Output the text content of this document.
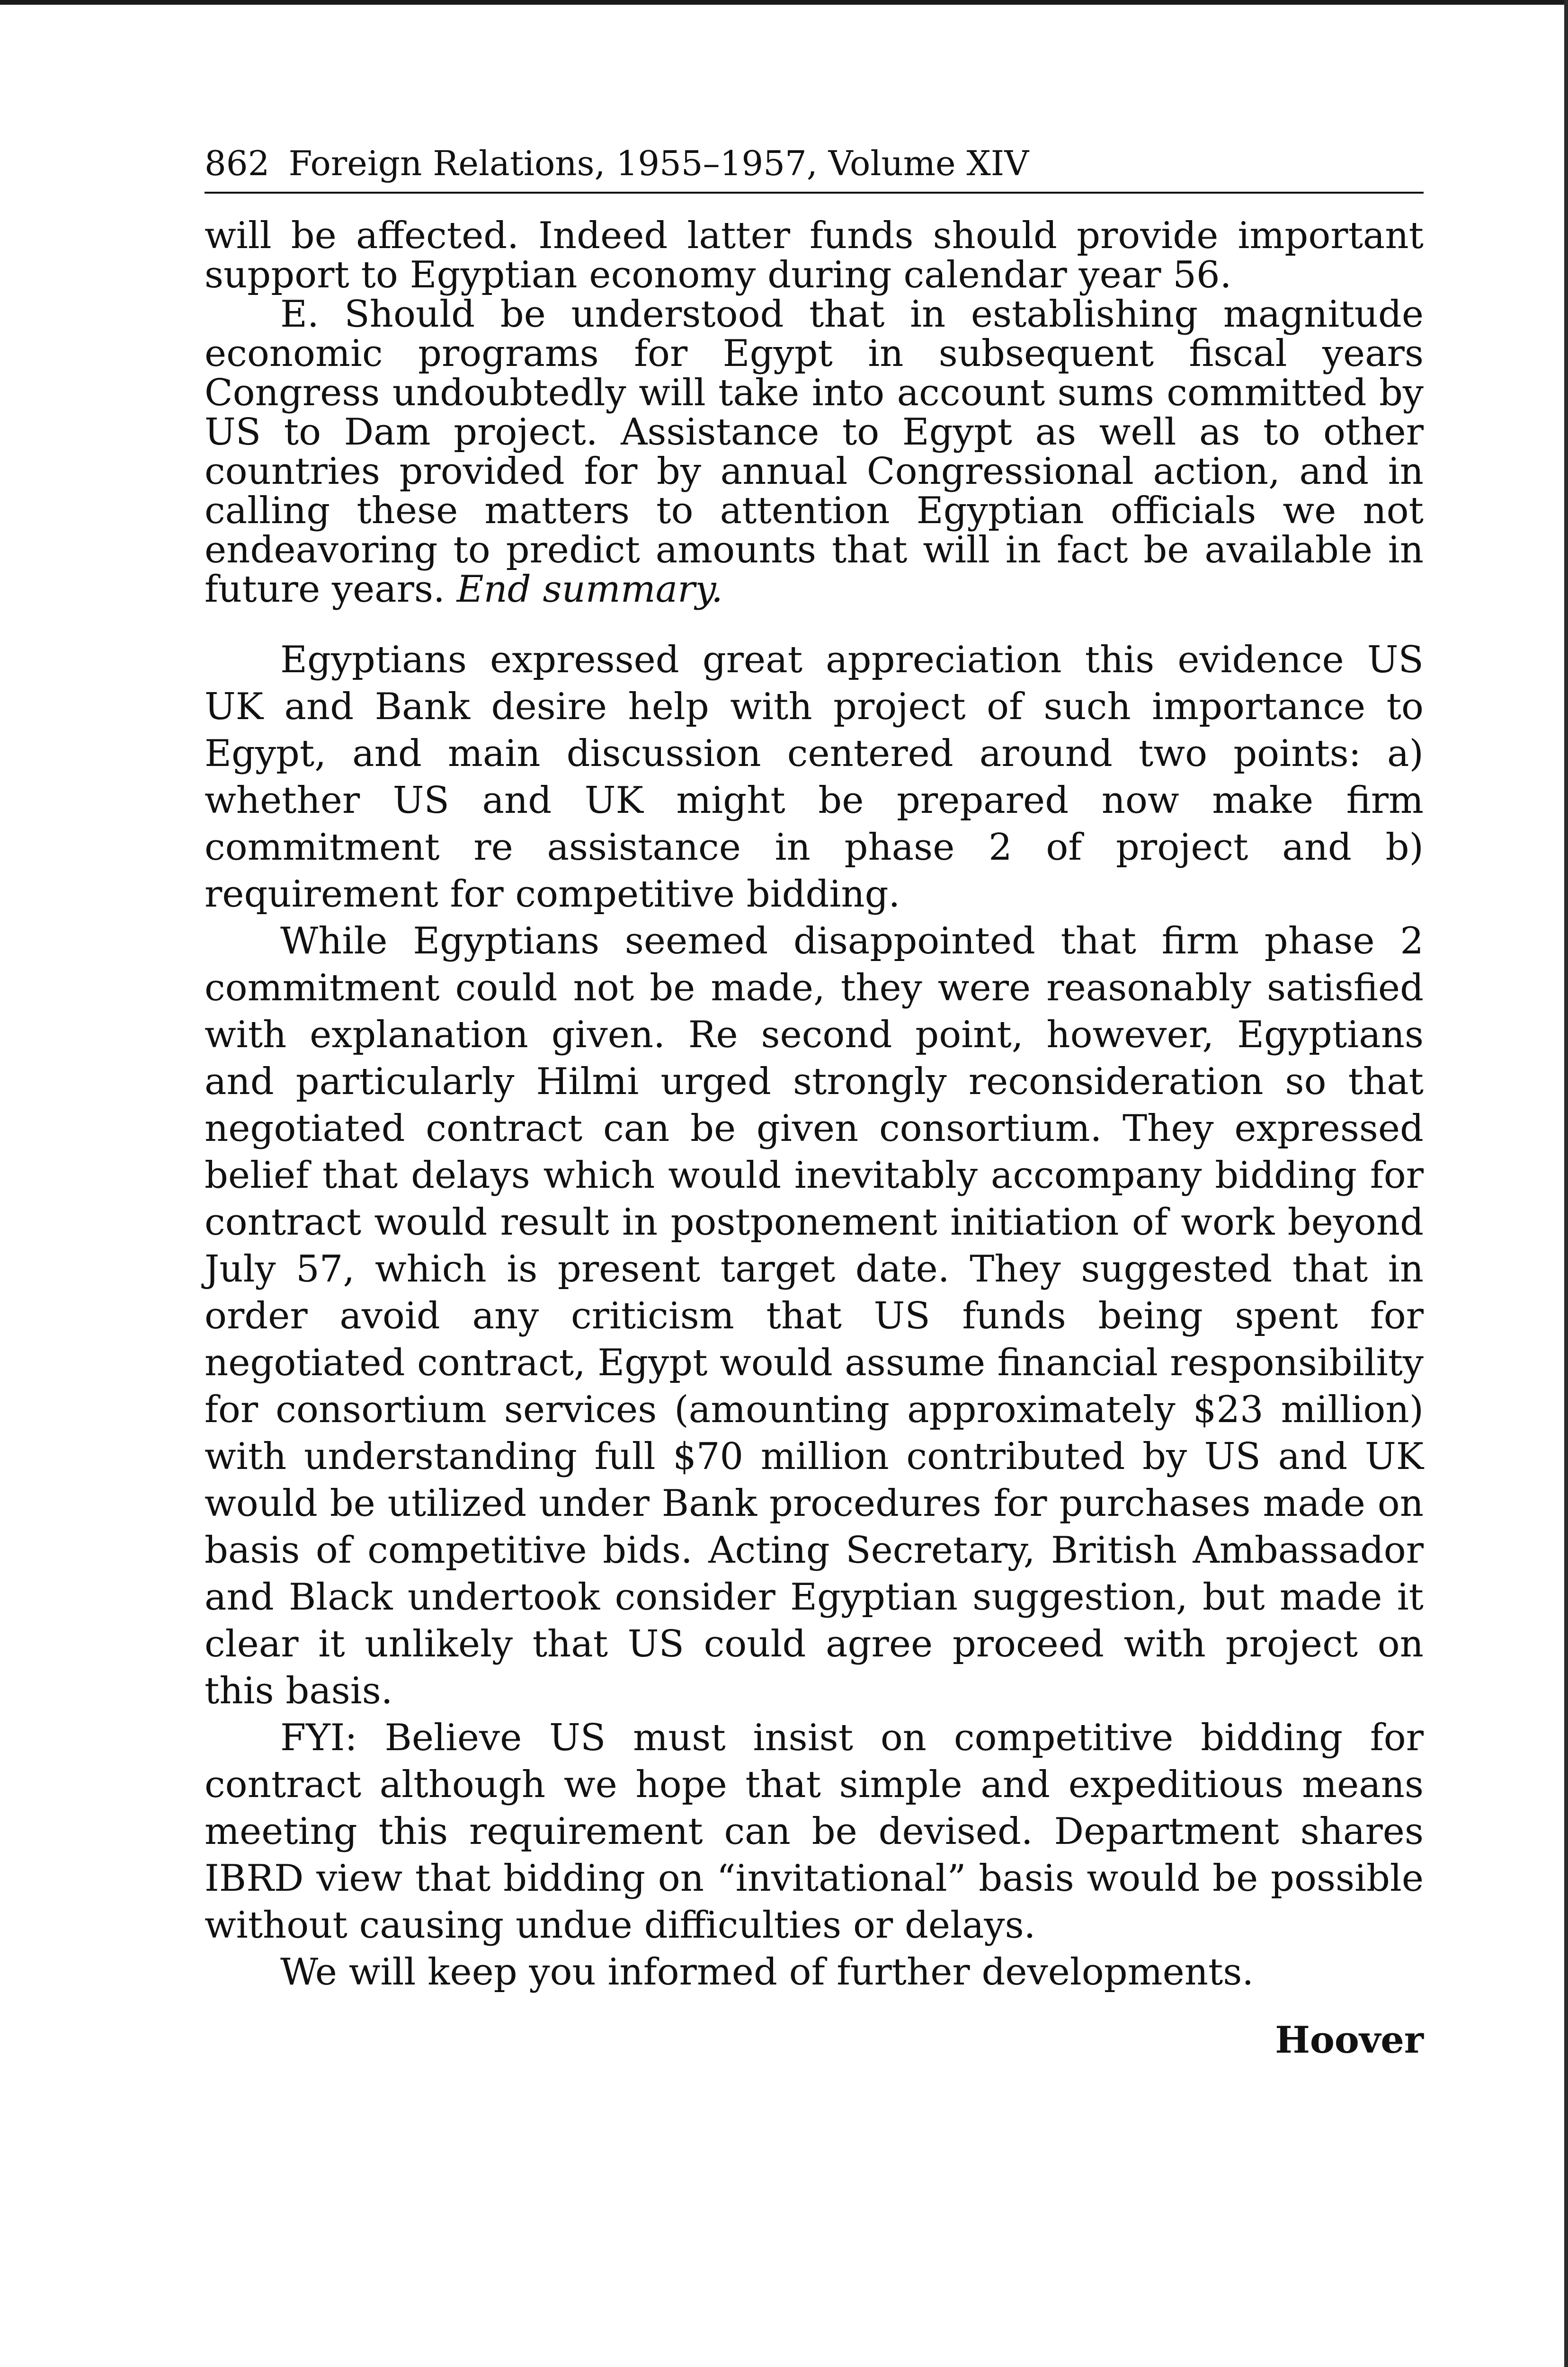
862 Foreign Relations, 1955–1957, Volume XIV

will be affected. Indeed latter funds should provide important support to Egyptian economy during calendar year 56.

E. Should be understood that in establishing magnitude economic programs for Egypt in subsequent fiscal years Congress undoubtedly will take into account sums committed by US to Dam project. Assistance to Egypt as well as to other countries provided for by annual Congressional action, and in calling these matters to attention Egyptian officials we not endeavoring to predict amounts that will in fact be available in future years. End summary.

Egyptians expressed great appreciation this evidence US UK and Bank desire help with project of such importance to Egypt, and main discussion centered around two points: a) whether US and UK might be prepared now make firm commitment re assistance in phase 2 of project and b) requirement for competitive bidding.

While Egyptians seemed disappointed that firm phase 2 commitment could not be made, they were reasonably satisfied with explanation given. Re second point, however, Egyptians and particularly Hilmi urged strongly reconsideration so that negotiated contract can be given consortium. They expressed belief that delays which would inevitably accompany bidding for contract would result in postponement initiation of work beyond July 57, which is present target date. They suggested that in order avoid any criticism that US funds being spent for negotiated contract, Egypt would assume financial responsibility for consortium services (amounting approximately $23 million) with understanding full $70 million contributed by US and UK would be utilized under Bank procedures for purchases made on basis of competitive bids. Acting Secretary, British Ambassador and Black undertook consider Egyptian suggestion, but made it clear it unlikely that US could agree proceed with project on this basis.

FYI: Believe US must insist on competitive bidding for contract although we hope that simple and expeditious means meeting this requirement can be devised. Department shares IBRD view that bidding on “invitational” basis would be possible without causing undue difficulties or delays.

We will keep you informed of further developments.

Hoover
